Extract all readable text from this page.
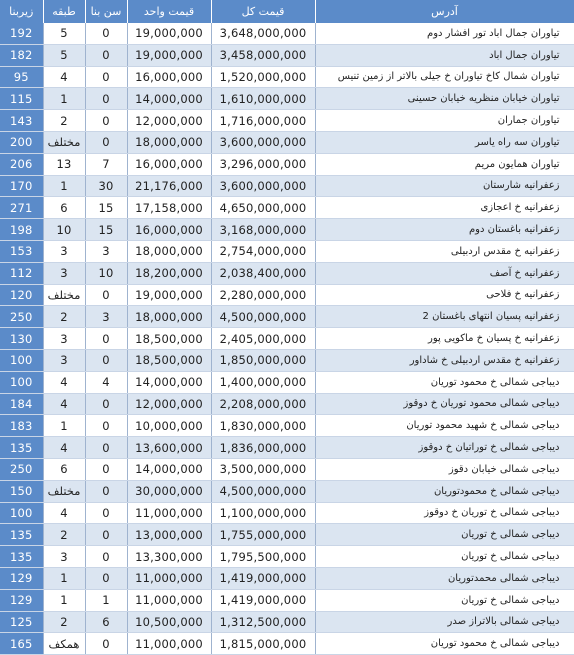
زیربنا	طبقه	سن بنا	قیمت واحد	قیمت کل	آدرس
192	5	0	19,000,000	3,648,000,000	تیاوران جمال اباد تور افشار دوم
182	5	0	19,000,000	3,458,000,000	تیاوران جمال اباد
95	4	0	16,000,000	1,520,000,000	تیاوران شمال کاخ تیاوران خ جیلی بالاتر از زمین تنیس
115	1	0	14,000,000	1,610,000,000	تیاوران خیابان منظریه خیابان حسینی
143	2	0	12,000,000	1,716,000,000	تیاوران جماران
200	مختلف	0	18,000,000	3,600,000,000	تیاوران سه راه یاسر
206	13	7	16,000,000	3,296,000,000	تیاوران همایون مریم
170	1	30	21,176,000	3,600,000,000	زعفرانیه شارستان
271	6	15	17,158,000	4,650,000,000	زعفرانیه خ اعجازی
198	10	15	16,000,000	3,168,000,000	زعفرانیه باغستان دوم
153	3	3	18,000,000	2,754,000,000	زعفرانیه خ مقدس اردبیلی
112	3	10	18,200,000	2,038,400,000	زعفرانیه خ آصف
120	مختلف	0	19,000,000	2,280,000,000	زعفرانیه خ فلاحی
250	2	3	18,000,000	4,500,000,000	زعفرانیه پسیان انتهای باغستان 2
130	3	0	18,500,000	2,405,000,000	زعفرانیه خ پسیان خ ماکویی پور
100	3	0	18,500,000	1,850,000,000	زعفرانیه خ مقدس اردبیلی خ شاداور
100	4	4	14,000,000	1,400,000,000	دیباجی شمالی خ محمود توریان
184	4	0	12,000,000	2,208,000,000	دیباجی شمالی محمود توریان خ دوقوز
183	1	0	10,000,000	1,830,000,000	دیباجی شمالی خ شهید محمود توریان
135	4	0	13,600,000	1,836,000,000	دیباجی شمالی خ توراتیان خ دوقوز
250	6	0	14,000,000	3,500,000,000	دیباجی شمالی خیابان دقوز
150	مختلف	0	30,000,000	4,500,000,000	دیباجی شمالی خ محمودتوریان
100	4	0	11,000,000	1,100,000,000	دیباجی شمالی خ توریان خ دوقوز
135	2	0	13,000,000	1,755,000,000	دیباجی شمالی خ توریان
135	3	0	13,300,000	1,795,500,000	دیباجی شمالی خ توریان
129	1	0	11,000,000	1,419,000,000	دیباجی شمالی محمدتوریان
129	1	1	11,000,000	1,419,000,000	دیباجی شمالی خ توریان
125	2	6	10,500,000	1,312,500,000	دیباجی شمالی بالاتراز صدر
165	همکف	0	11,000,000	1,815,000,000	دیباجی شمالی خ محمود توریان
